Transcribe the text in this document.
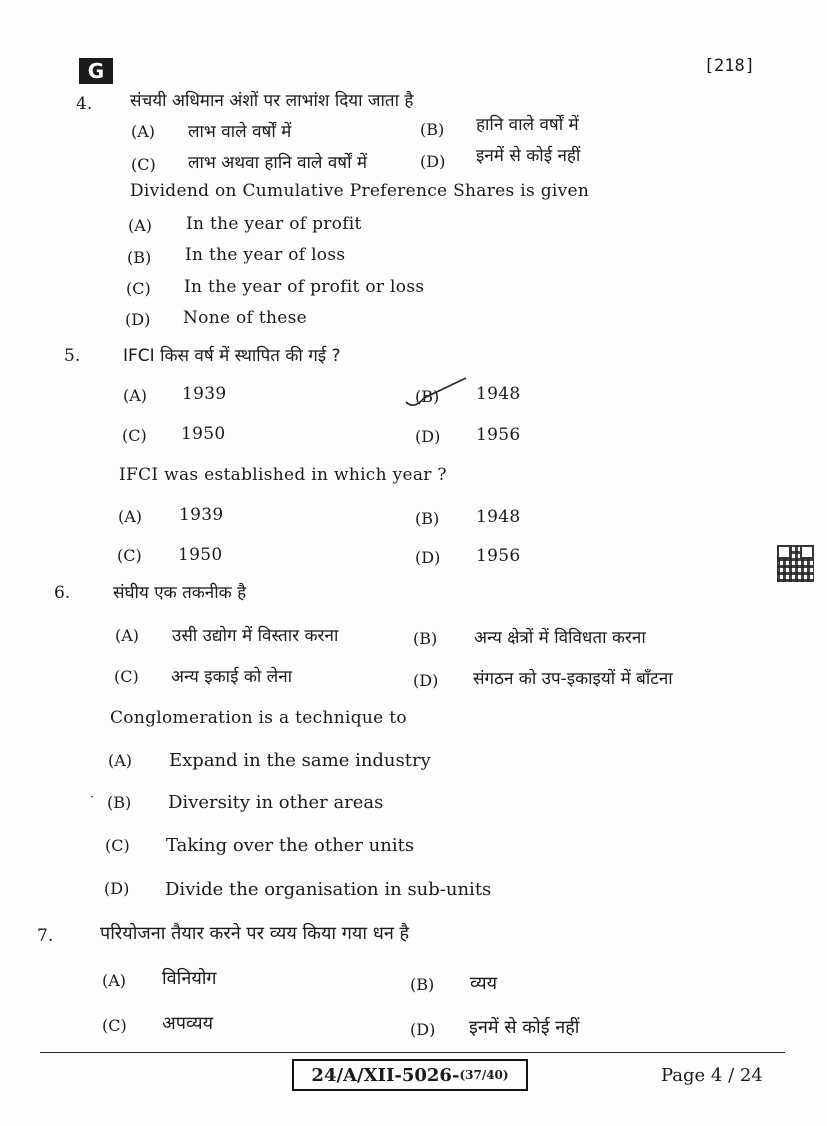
G	[218]
4. संचयी अधिमान अंशों पर लाभांश दिया जाता है
(A) लाभ वाले वर्षों में	(B) हानि वाले वर्षों में
(C) लाभ अथवा हानि वाले वर्षों में	(D) इनमें से कोई नहीं
Dividend on Cumulative Preference Shares is given
(A) In the year of profit
(B) In the year of loss
(C) In the year of profit or loss
(D) None of these
5.	IFCI किस वर्ष में स्थापित की गई ?
(A) 1939	(B) 1948
(C) 1950	(D) 1956
IFCI was established in which year ?
(A) 1939	(B) 1948
(C) 1950	(D) 1956
6.	संघीय एक तकनीक है
(A) उसी उद्योग में विस्तार करना	(B) अन्य क्षेत्रों में विविधता करना
(C) अन्य इकाई को लेना	(D) संगठन को उप-इकाइयों में बाँटना
Conglomeration is a technique to
(A) Expand in the same industry
· (B) Diversity in other areas
(C) Taking over the other units
(D) Divide the organisation in sub-units
7.	परियोजना तैयार करने पर व्यय किया गया धन है
(A) विनियोग	(B) व्यय
(C) अपव्यय	(D) इनमें से कोई नहीं
24/A/XII-5026- (37/40)	Page 4 / 24
